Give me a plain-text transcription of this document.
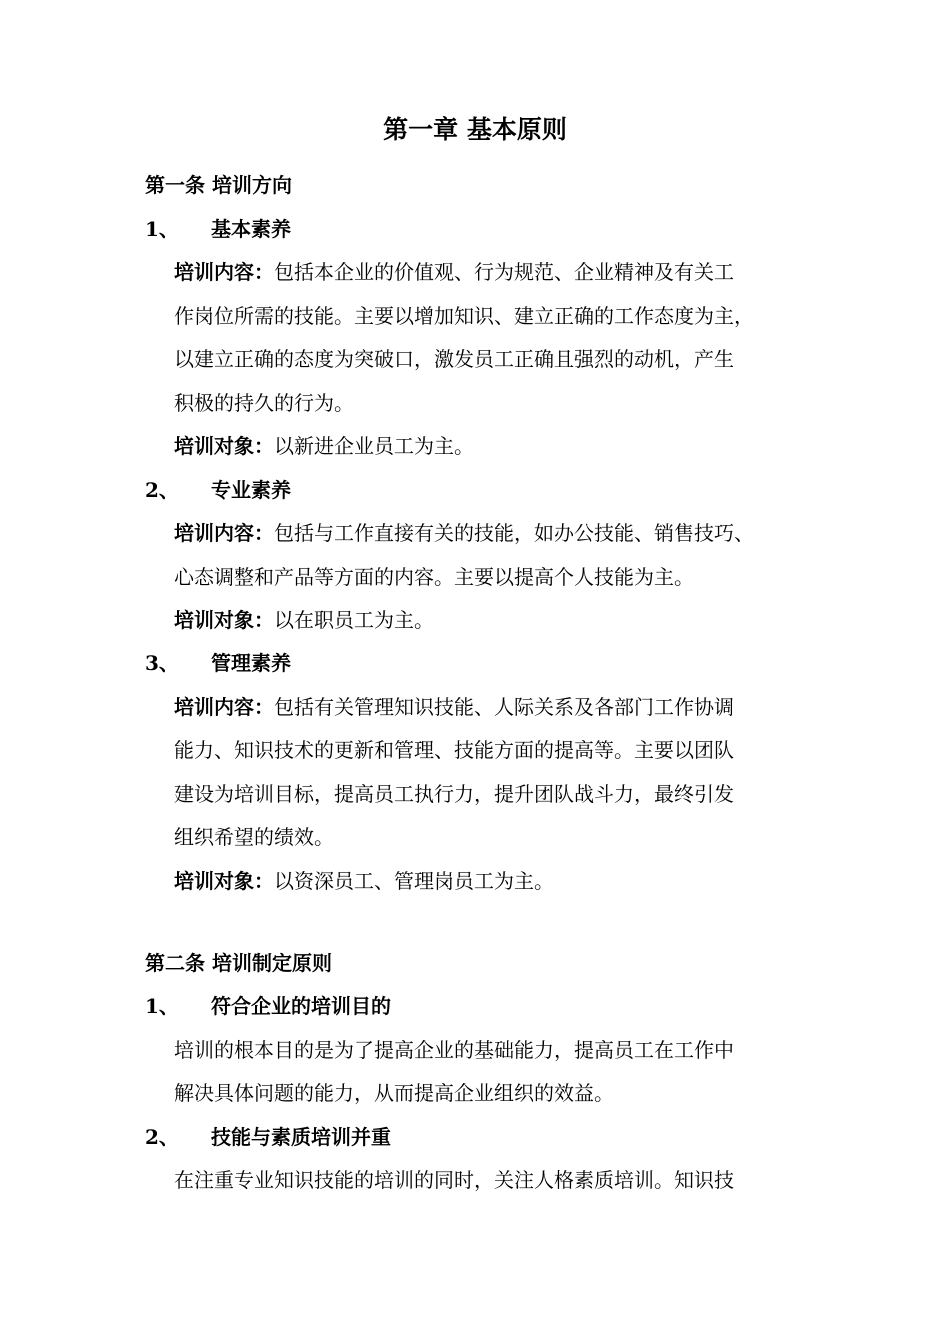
第一章 基本原则
第一条 培训方向
1、 基本素养
培训内容：包括本企业的价值观、行为规范、企业精神及有关工
作岗位所需的技能。主要以增加知识、建立正确的工作态度为主，
以建立正确的态度为突破口，激发员工正确且强烈的动机，产生
积极的持久的行为。
培训对象：以新进企业员工为主。
2、 专业素养
培训内容：包括与工作直接有关的技能，如办公技能、销售技巧、
心态调整和产品等方面的内容。主要以提高个人技能为主。
培训对象：以在职员工为主。
3、 管理素养
培训内容：包括有关管理知识技能、人际关系及各部门工作协调
能力、知识技术的更新和管理、技能方面的提高等。主要以团队
建设为培训目标，提高员工执行力，提升团队战斗力，最终引发
组织希望的绩效。
培训对象：以资深员工、管理岗员工为主。
第二条 培训制定原则
1、 符合企业的培训目的
培训的根本目的是为了提高企业的基础能力，提高员工在工作中
解决具体问题的能力，从而提高企业组织的效益。
2、 技能与素质培训并重
在注重专业知识技能的培训的同时，关注人格素质培训。知识技
